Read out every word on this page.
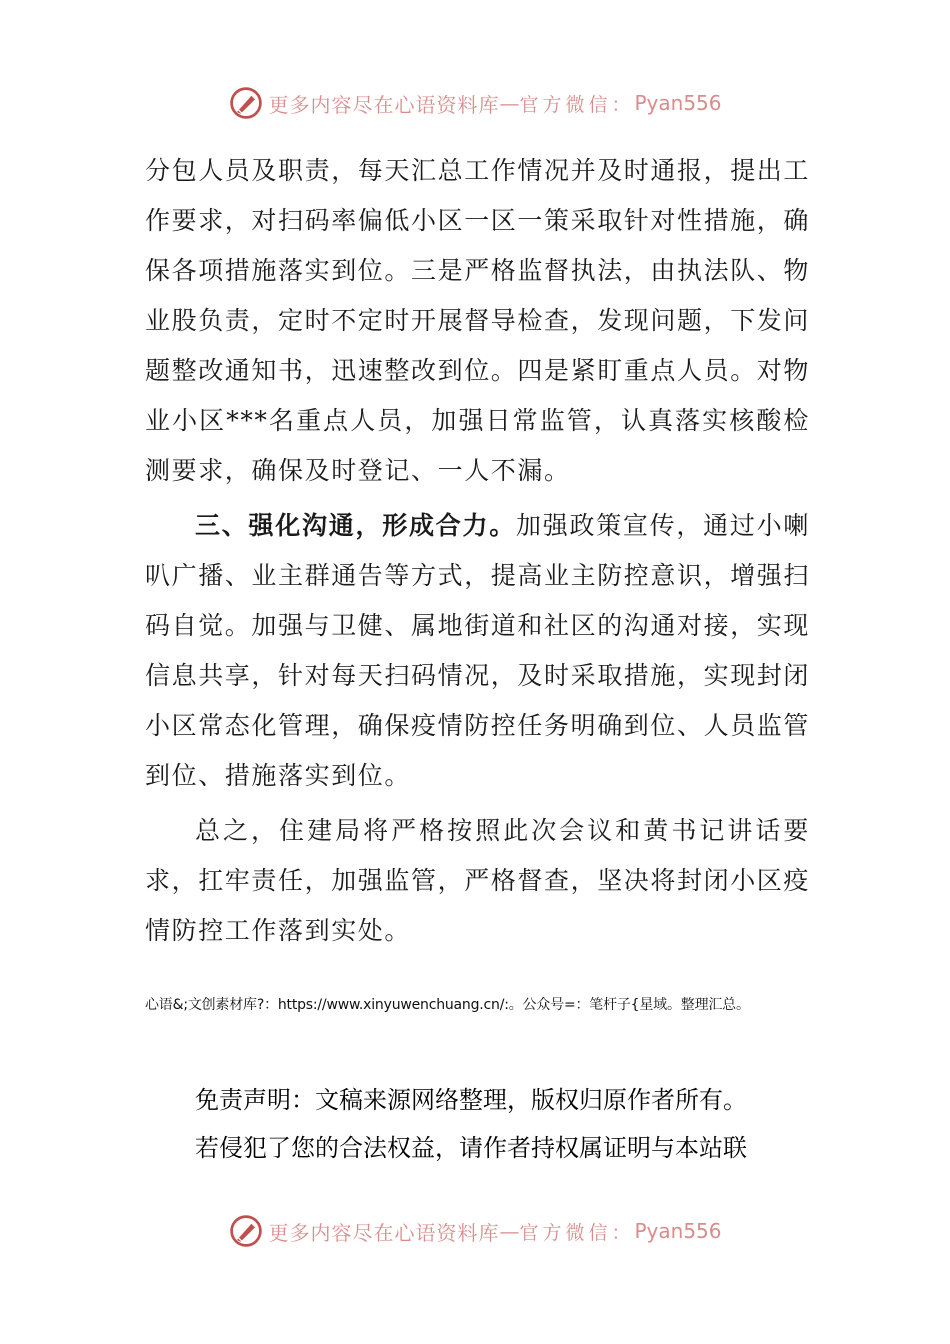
更多内容尽在心语资料库 — 官方微信： Pyan556

分包人员及职责，每天汇总工作情况并及时通报，提出工作要求，对扫码率偏低小区一区一策采取针对性措施，确保各项措施落实到位。三是严格监督执法，由执法队、物业股负责，定时不定时开展督导检查，发现问题，下发问题整改通知书，迅速整改到位。四是紧盯重点人员。对物业小区***名重点人员，加强日常监管，认真落实核酸检测要求，确保及时登记、一人不漏。

三、强化沟通，形成合力。加强政策宣传，通过小喇叭广播、业主群通告等方式，提高业主防控意识，增强扫码自觉。加强与卫健、属地街道和社区的沟通对接，实现信息共享，针对每天扫码情况，及时采取措施，实现封闭小区常态化管理，确保疫情防控任务明确到位、人员监管到位、措施落实到位。

总之，住建局将严格按照此次会议和黄书记讲话要求，扛牢责任，加强监管，严格督查，坚决将封闭小区疫情防控工作落到实处。

心语&;文创素材库?：https://www.xinyuwenchuang.cn/:。公众号=：笔杆子{星域。整理汇总。

免责声明：文稿来源网络整理，版权归原作者所有。

若侵犯了您的合法权益，请作者持权属证明与本站联

更多内容尽在心语资料库 — 官方微信： Pyan556
